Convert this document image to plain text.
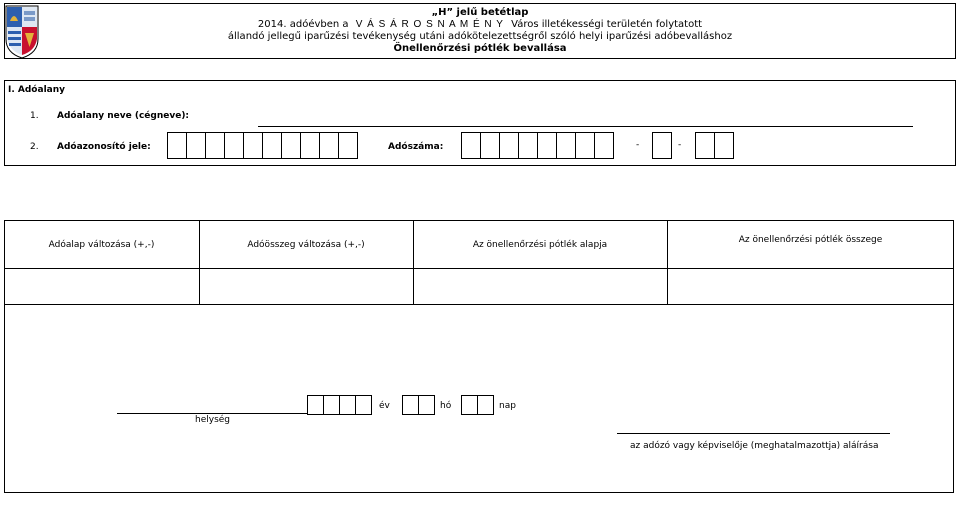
„H” jelű betétlap
2014. adóévben a V Á S Á R O S N A M É N Y Város illetékességi területén folytatott
állandó jellegű iparűzési tevékenység utáni adókötelezettségről szóló helyi iparűzési adóbevalláshoz
Önellenőrzési pótlék bevallása
I. Adóalany
1. Adóalany neve (cégneve):
2. Adóazonosító jele:	Adószáma:	-	-
Adóalap változása (+,-)	Adóösszeg változása (+,-)	Az önellenőrzési pótlék alapja	Az önellenőrzési pótlék összege
helység
év	hó	nap
az adózó vagy képviselője (meghatalmazottja) aláírása
